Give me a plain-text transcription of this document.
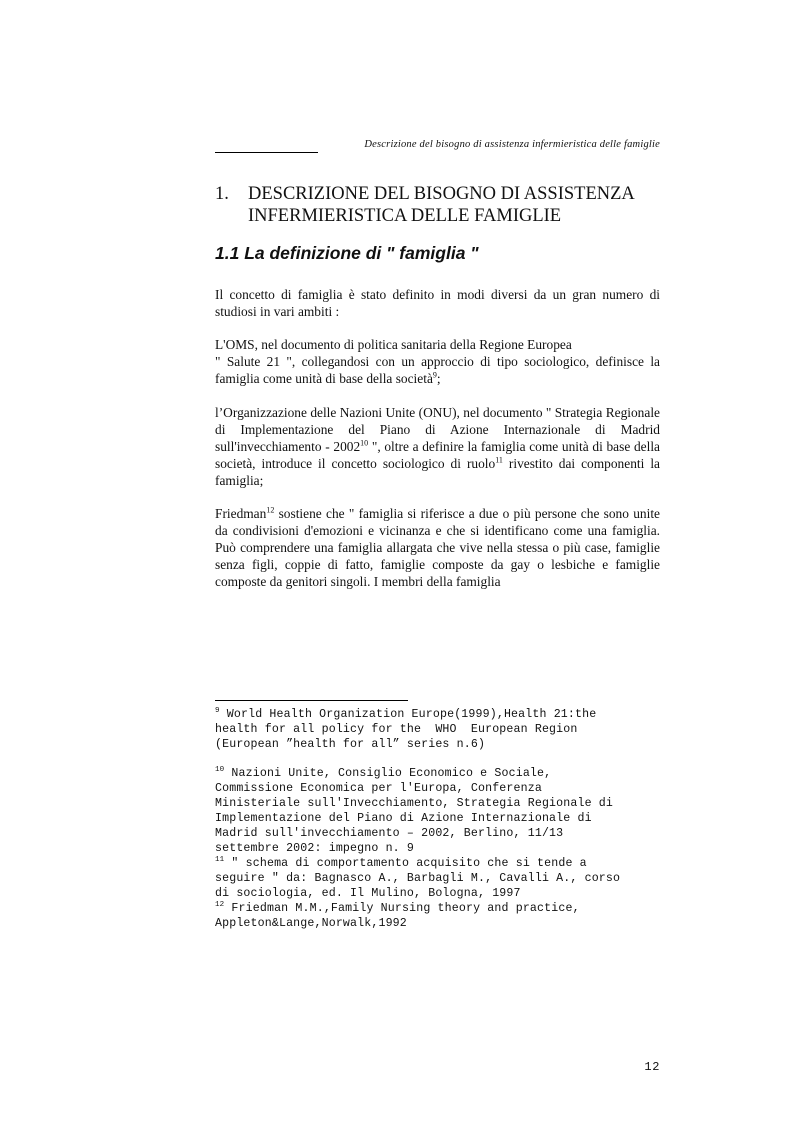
Descrizione del bisogno di assistenza infermieristica delle famiglie
1. DESCRIZIONE DEL BISOGNO DI ASSISTENZA
INFERMIERISTICA DELLE FAMIGLIE
1.1 La definizione di " famiglia "

Il concetto di famiglia è stato definito in modi diversi da un gran numero di studiosi in vari ambiti :

L'OMS, nel documento di politica sanitaria della Regione Europea
" Salute 21 ", collegandosi con un approccio di tipo sociologico, definisce la famiglia come unità di base della società$^9$;

l’Organizzazione delle Nazioni Unite (ONU), nel documento " Strategia Regionale di Implementazione del Piano di Azione Internazionale di Madrid sull'invecchiamento - 2002$^{10}$ ", oltre a definire la famiglia come unità di base della società, introduce il concetto sociologico di ruolo$^{11}$ rivestito dai componenti la famiglia;

Friedman$^{12}$ sostiene che " famiglia si riferisce a due o più persone che sono unite da condivisioni d'emozioni e vicinanza e che si identificano come una famiglia. Può comprendere una famiglia allargata che vive nella stessa o più case, famiglie senza figli, coppie di fatto, famiglie composte da gay o lesbiche e famiglie composte da genitori singoli. I membri della famiglia

$^9$ World Health Organization Europe(1999),Health 21:the
health for all policy for the  WHO  European Region
(European ”health for all” series n.6)

$^{10}$ Nazioni Unite, Consiglio Economico e Sociale,
Commissione Economica per l'Europa, Conferenza
Ministeriale sull'Invecchiamento, Strategia Regionale di
Implementazione del Piano di Azione Internazionale di
Madrid sull'invecchiamento – 2002, Berlino, 11/13
settembre 2002: impegno n. 9

$^{11}$ " schema di comportamento acquisito che si tende a
seguire " da: Bagnasco A., Barbagli M., Cavalli A., corso
di sociologia, ed. Il Mulino, Bologna, 1997

$^{12}$ Friedman M.M.,Family Nursing theory and practice,
Appleton&Lange,Norwalk,1992

12
